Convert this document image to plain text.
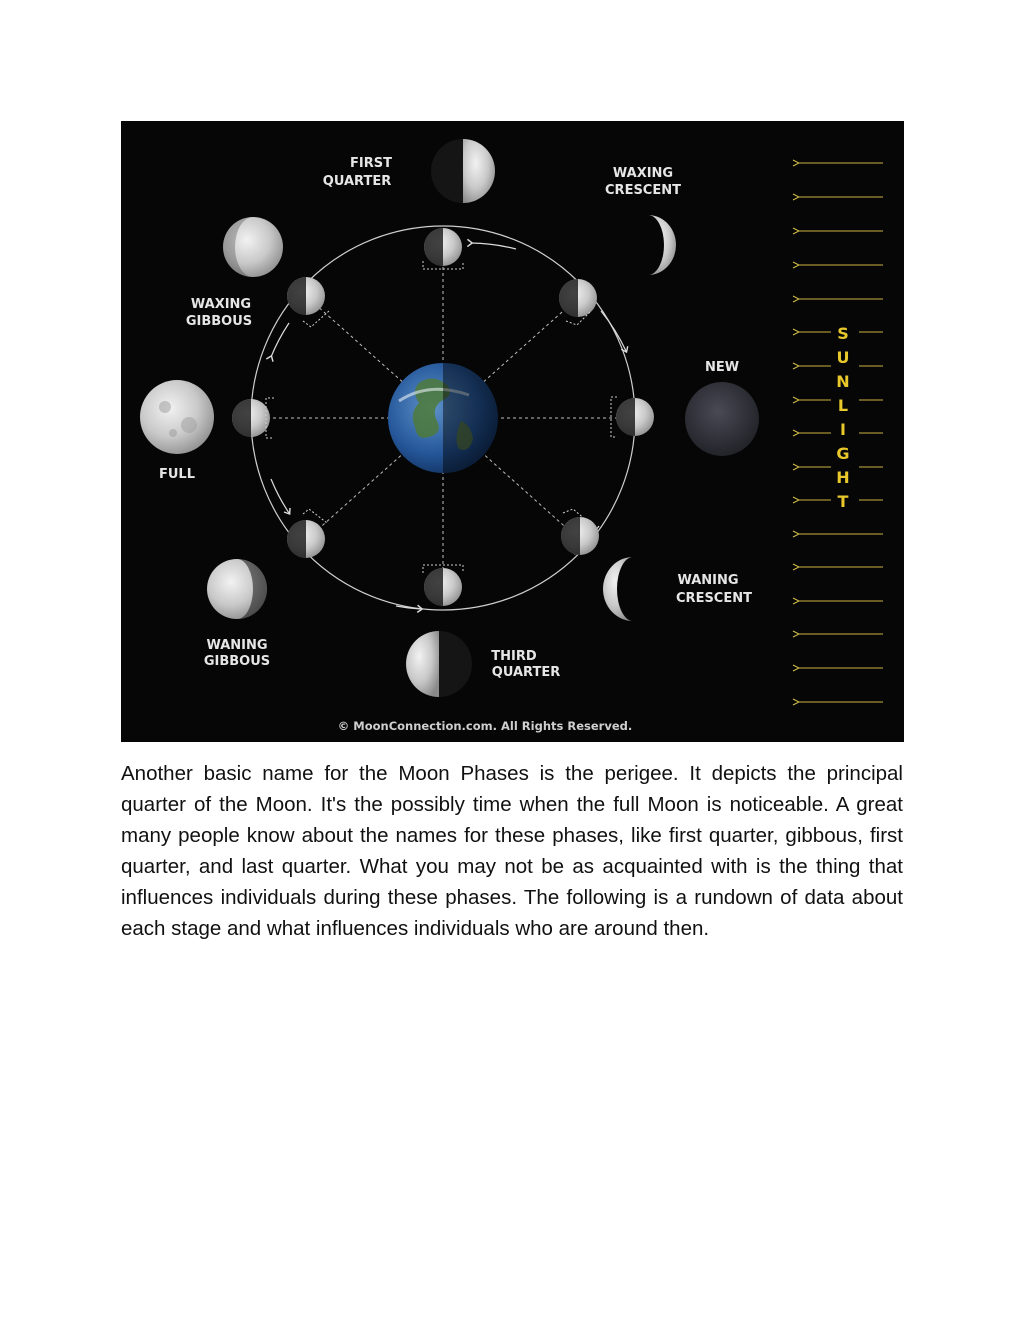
S
U
N
L
I
G
H
T
FIRST
QUARTER
WAXING
CRESCENT
WAXING
GIBBOUS
NEW
FULL
WANING
CRESCENT
WANING
GIBBOUS	THIRD
QUARTER
© MoonConnection.com. All Rights Reserved.

Another basic name for the Moon Phases is the perigee. It depicts the principal quarter of the Moon. It's the possibly time when the full Moon is noticeable. A great many people know about the names for these phases, like first quarter, gibbous, first quarter, and last quarter. What you may not be as acquainted with is the thing that influences individuals during these phases. The following is a rundown of data about each stage and what influences individuals who are around then.
